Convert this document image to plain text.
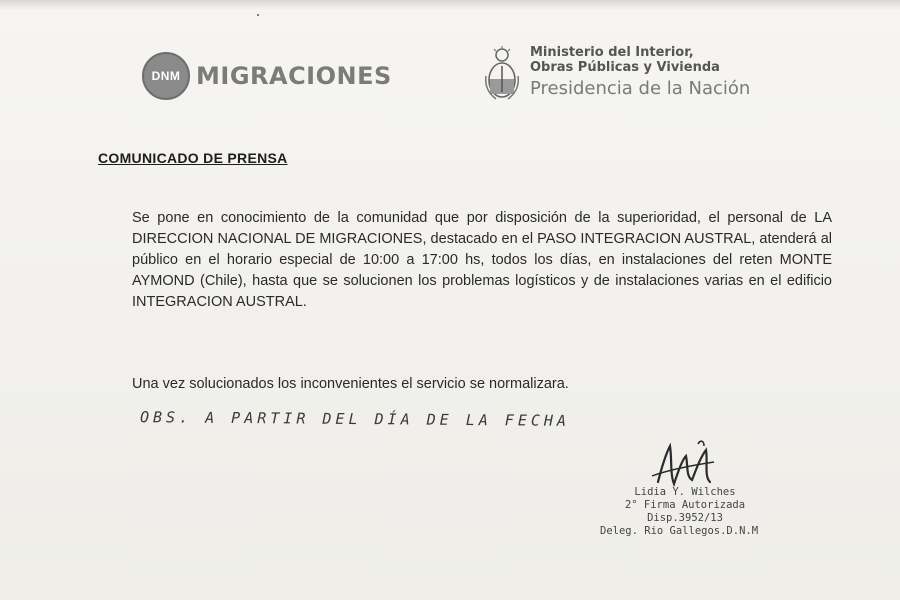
DNM MIGRACIONES
Ministerio del Interior,
Obras Públicas y Vivienda
Presidencia de la Nación
COMUNICADO DE PRENSA
Se pone en conocimiento de la comunidad que por disposición de la superioridad, el personal de LA DIRECCION NACIONAL DE MIGRACIONES, destacado en el PASO INTEGRACION AUSTRAL, atenderá al público en el horario especial de 10:00 a 17:00 hs, todos los días, en instalaciones del reten MONTE AYMOND (Chile), hasta que se solucionen los problemas logísticos y de instalaciones varias en el edificio INTEGRACION AUSTRAL.
Una vez solucionados los inconvenientes el servicio se normalizara.
OBS. A PARTIR DEL DÍA DE LA FECHA
Lidia Y. Wilches
2° Firma Autorizada
Disp.3952/13
Deleg. Rio Gallegos.D.N.M
